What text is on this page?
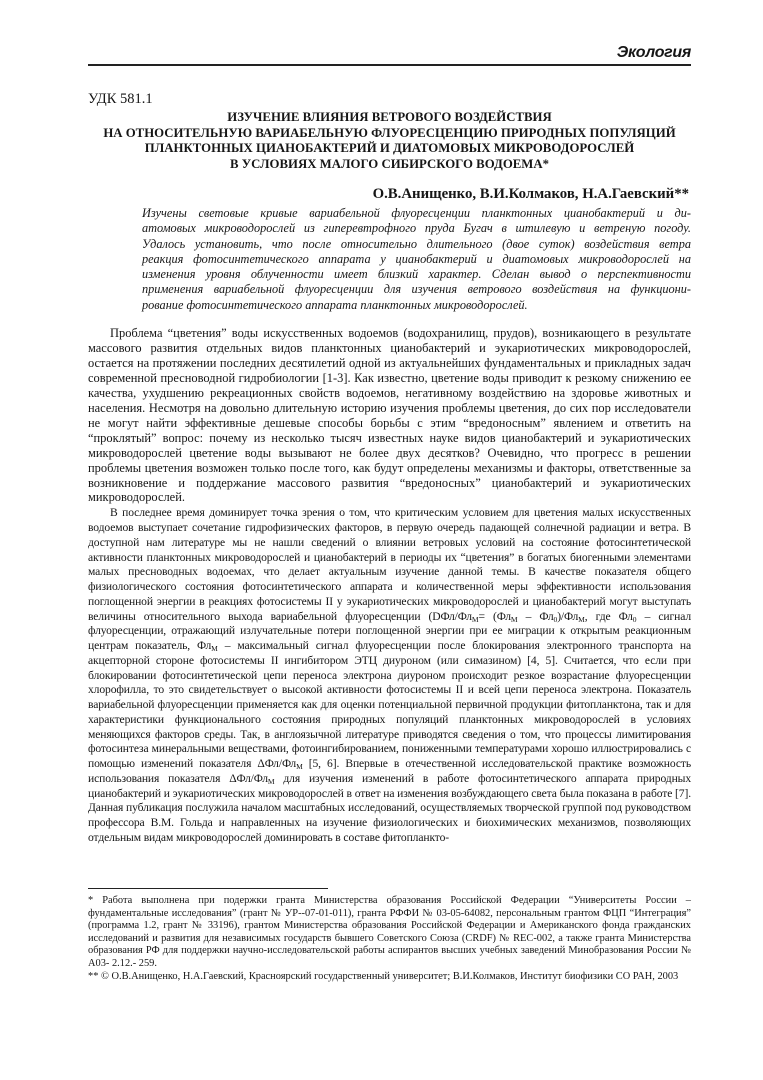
Экология
УДК 581.1
ИЗУЧЕНИЕ ВЛИЯНИЯ ВЕТРОВОГО ВОЗДЕЙСТВИЯ
НА ОТНОСИТЕЛЬНУЮ ВАРИАБЕЛЬНУЮ ФЛУОРЕСЦЕНЦИЮ ПРИРОДНЫХ ПОПУЛЯЦИЙ
ПЛАНКТОННЫХ ЦИАНОБАКТЕРИЙ И ДИАТОМОВЫХ МИКРОВОДОРОСЛЕЙ
В УСЛОВИЯХ МАЛОГО СИБИРСКОГО ВОДОЕМА*
О.В.Анищенко, В.И.Колмаков, Н.А.Гаевский**
Изучены световые кривые вариабельной флуоресценции планктонных цианобактерий и ди-
атомовых микроводорослей из гиперевтрофного пруда Бугач в штилевую и ветреную погоду.
Удалось установить, что после относительно длительного (двое суток) воздействия ветра
реакция фотосинтетического аппарата у цианобактерий и диатомовых микроводорослей на
изменения уровня облученности имеет близкий характер. Сделан вывод о перспективности
применения вариабельной флуоресценции для изучения ветрового воздействия на функциони-
рование фотосинтетического аппарата планктонных микроводорослей.

Проблема “цветения” воды искусственных водоемов (водохранилищ, прудов), возникающего в результате массового развития отдельных видов планктонных цианобактерий и эукариотических микроводорослей, остается на протяжении последних десятилетий одной из актуальнейших фундаментальных и прикладных задач современной пресноводной гидробиологии [1-3]. Как известно, цветение воды приводит к резкому снижению ее качества, ухудшению рекреационных свойств водоемов, негативному воздействию на здоровье животных и населения. Несмотря на довольно длительную историю изучения проблемы цветения, до сих пор исследователи не могут найти эффективные дешевые способы борьбы с этим “вредоносным” явлением и ответить на “проклятый” вопрос: почему из несколько тысяч известных науке видов цианобактерий и эукариотических микроводорослей цветение воды вызывают не более двух десятков? Очевидно, что прогресс в решении проблемы цветения возможен только после того, как будут определены механизмы и факторы, ответственные за возникновение и поддержание массового развития “вредоносных” цианобактерий и эукариотических микроводорослей.

В последнее время доминирует точка зрения о том, что критическим условием для цветения малых искусственных водоемов выступает сочетание гидрофизических факторов, в первую очередь падающей солнечной радиации и ветра. В доступной нам литературе мы не нашли сведений о влиянии ветровых условий на состояние фотосинтетической активности планктонных микроводорослей и цианобактерий в периоды их “цветения” в богатых биогенными элементами малых пресноводных водоемах, что делает актуальным изучение данной темы. В качестве показателя общего физиологического состояния фотосинтетического аппарата и количественной меры эффективности использования поглощенной энергии в реакциях фотосистемы II у эукариотических микроводорослей и цианобактерий могут выступать величины относительного выхода вариабельной флуоресценции ($DФл/Фл_М= (Фл_М - Фл_0)/Фл_М$, где $Фл_0$ – сигнал флуоресценции, отражающий излучательные потери поглощенной энергии при ее миграции к открытым реакционным центрам показатель, $Фл_М$ – максимальный сигнал флуоресценции после блокирования электронного транспорта на акцепторной стороне фотосистемы II ингибитором ЭТЦ диуроном (или симазином) [4, 5]. Считается, что если при блокировании фотосинтетической цепи переноса электрона диуроном происходит резкое возрастание флуоресценции хлорофилла, то это свидетельствует о высокой активности фотосистемы II и всей цепи переноса электрона. Показатель вариабельной флуоресценции применяется как для оценки потенциальной первичной продукции фитопланктона, так и для характеристики функционального состояния природных популяций планктонных микроводорослей в условиях меняющихся факторов среды. Так, в англоязычной литературе приводятся сведения о том, что процессы лимитирования фотосинтеза минеральными веществами, фотоингибированием, пониженными температурами хорошо иллюстрировались с помощью изменений показателя ΔФл/$Фл_М$ [5, 6]. Впервые в отечественной исследовательской практике возможность использования показателя ΔФл/$Фл_М$ для изучения изменений в работе фотосинтетического аппарата природных цианобактерий и эукариотических микроводорослей в ответ на изменения возбуждающего света была показана в работе [7]. Данная публикация послужила началом масштабных исследований, осуществляемых творческой группой под руководством профессора В.М. Гольда и направленных на изучение физиологических и биохимических механизмов, позволяющих отдельным видам микроводорослей доминировать в составе фитопланкто-

* Работа выполнена при подержки гранта Министерства образования Российской Федерации “Университеты России – фундаментальные исследования” (грант № УР--07-01-011), гранта РФФИ № 03-05-64082, персональным грантом ФЦП “Интеграция” (программа 1.2, грант № 33196), грантом Министерства образования Российской Федерации и Американского фонда гражданских исследований и развития для независимых государств бывшего Советского Союза (CRDF) № REC-002, а также гранта Министерства образования РФ для поддержки научно-исследовательской работы аспирантов высших учебных заведений Минобразования России № А03- 2.12.- 259.

** © О.В.Анищенко, Н.А.Гаевский, Красноярский государственный университет; В.И.Колмаков, Институт биофизики СО РАН, 2003
